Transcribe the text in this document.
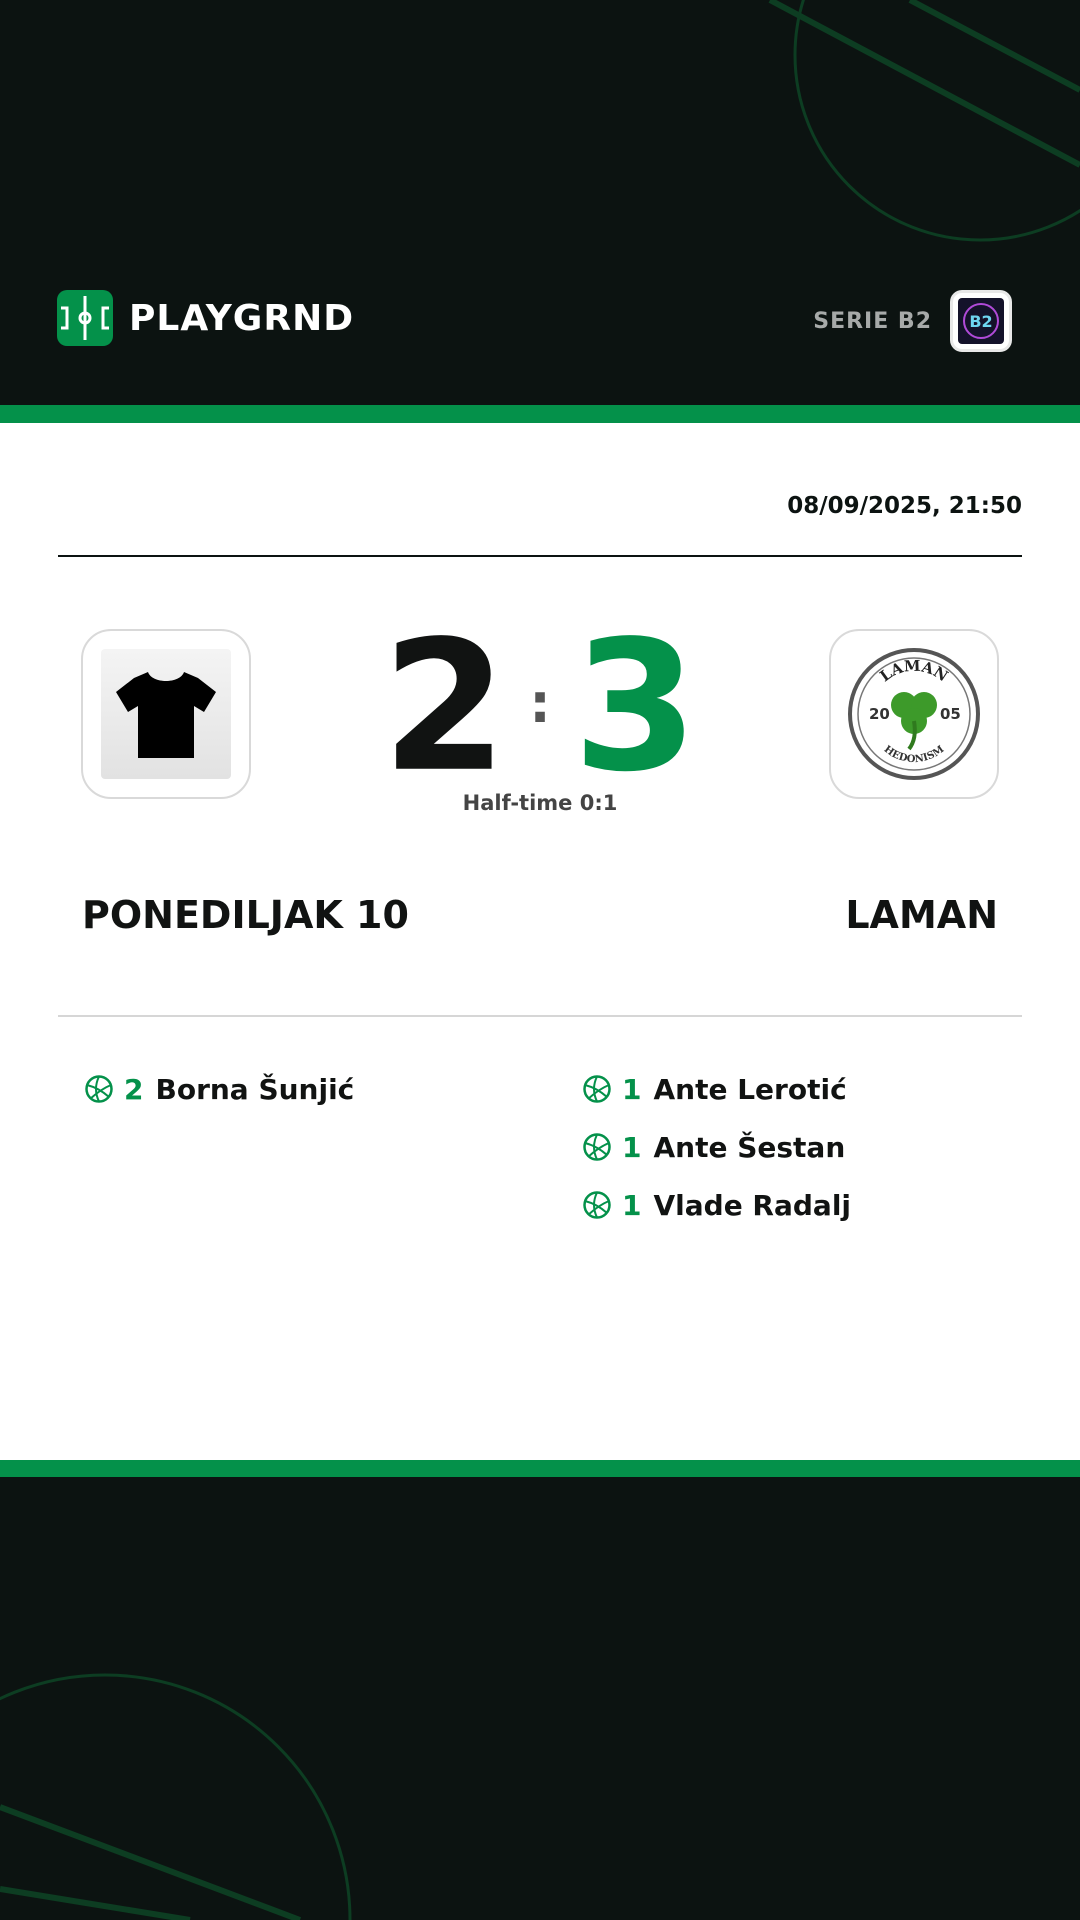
PLAYGRND	SERIE B2 B2
08/09/2025, 21:50
2 : 3
Half-time 0:1
LAMAN
HEDONISM
20	05
PONEDILJAK 10	LAMAN
2 Borna Šunjić	1 Ante Lerotić
1 Ante Šestan
1 Vlade Radalj
